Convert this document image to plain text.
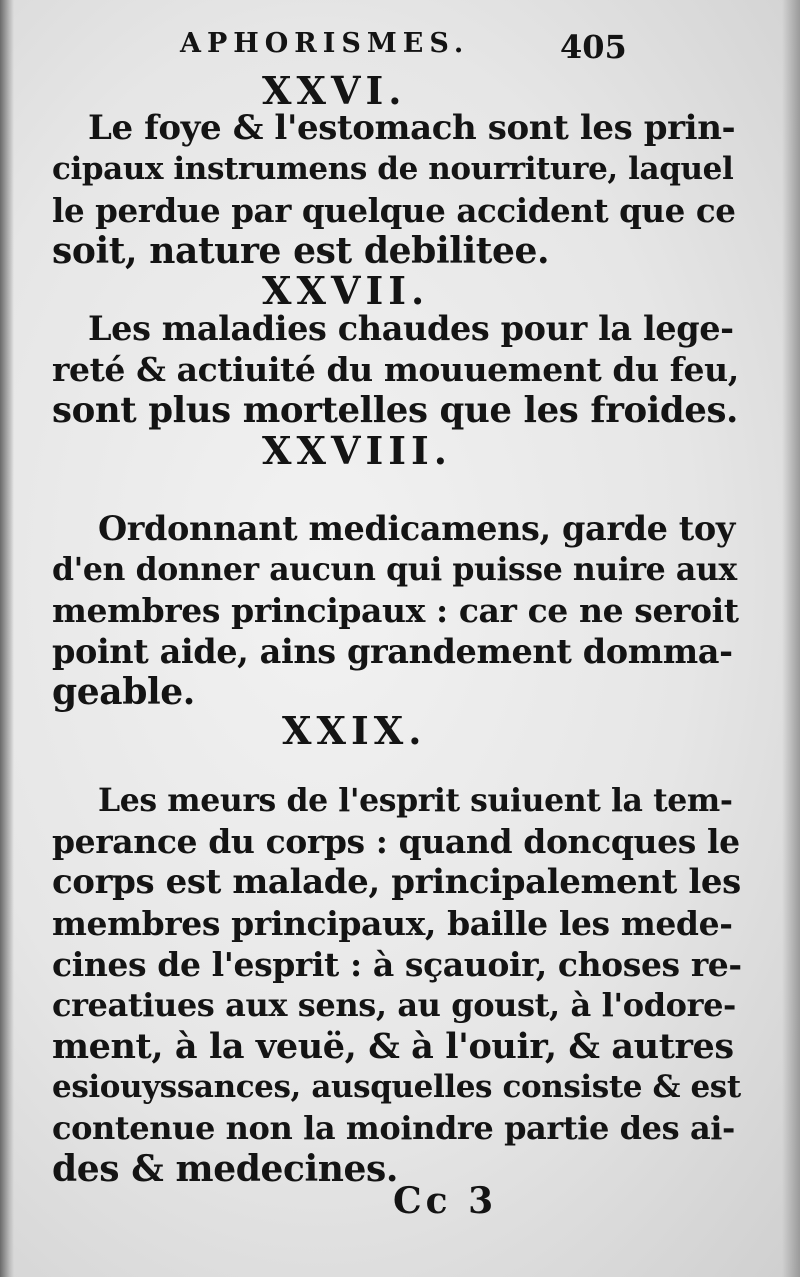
APHORISMES.	405
XXVI.
Le foye & l'estomach sont les prin-
cipaux instrumens de nourriture, laquel
le perdue par quelque accident que ce
soit, nature est debilitee.
XXVII.
Les maladies chaudes pour la lege-
reté & actiuité du mouuement du feu,
sont plus mortelles que les froides.
XXVIII.
Ordonnant medicamens, garde toy
d'en donner aucun qui puisse nuire aux
membres principaux : car ce ne seroit
point aide, ains grandement domma-
geable.
XXIX.
Les meurs de l'esprit suiuent la tem-
perance du corps : quand doncques le
corps est malade, principalement les
membres principaux, baille les mede-
cines de l'esprit : à sçauoir, choses re-
creatiues aux sens, au goust, à l'odore-
ment, à la veuë, & à l'ouir, & autres
esiouyssances, ausquelles consiste & est
contenue non la moindre partie des ai-
des & medecines.
Cc 3
